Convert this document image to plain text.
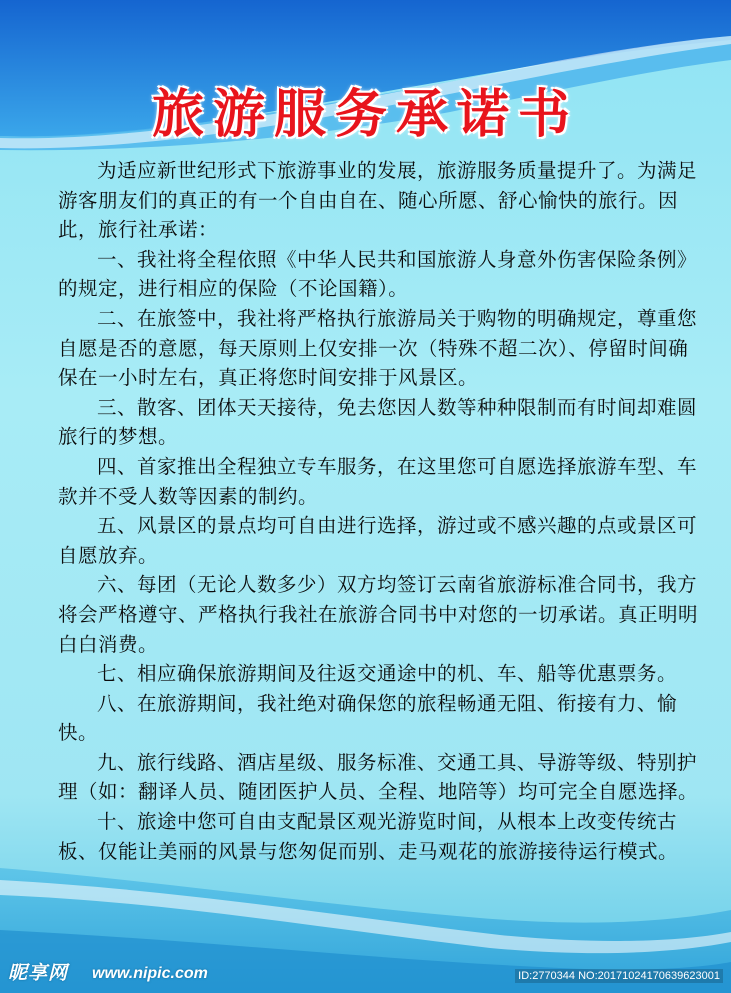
旅游服务承诺书

为适应新世纪形式下旅游事业的发展，旅游服务质量提升了。为满足游客朋友们的真正的有一个自由自在、随心所愿、舒心愉快的旅行。因此，旅行社承诺：

一、我社将全程依照《中华人民共和国旅游人身意外伤害保险条例》的规定，进行相应的保险（不论国籍）。

二、在旅签中，我社将严格执行旅游局关于购物的明确规定，尊重您自愿是否的意愿，每天原则上仅安排一次（特殊不超二次）、停留时间确保在一小时左右，真正将您时间安排于风景区。

三、散客、团体天天接待，免去您因人数等种种限制而有时间却难圆旅行的梦想。

四、首家推出全程独立专车服务，在这里您可自愿选择旅游车型、车款并不受人数等因素的制约。

五、风景区的景点均可自由进行选择，游过或不感兴趣的点或景区可自愿放弃。

六、每团（无论人数多少）双方均签订云南省旅游标准合同书，我方将会严格遵守、严格执行我社在旅游合同书中对您的一切承诺。真正明明白白消费。

七、相应确保旅游期间及往返交通途中的机、车、船等优惠票务。

八、在旅游期间，我社绝对确保您的旅程畅通无阻、衔接有力、愉快。

九、旅行线路、酒店星级、服务标准、交通工具、导游等级、特别护理（如：翻译人员、随团医护人员、全程、地陪等）均可完全自愿选择。

十、旅途中您可自由支配景区观光游览时间，从根本上改变传统古板、仅能让美丽的风景与您匆促而别、走马观花的旅游接待运行模式。

昵享网 www.nipic.com	ID:2770344 NO:20171024170639623001
